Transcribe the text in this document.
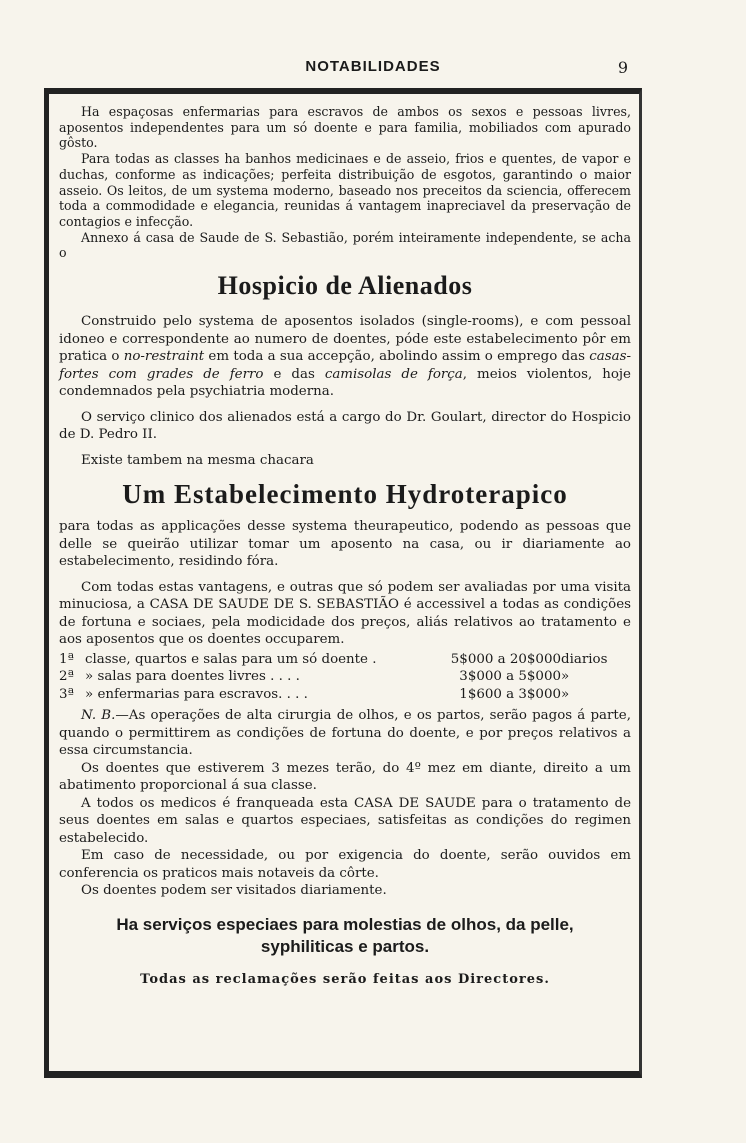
NOTABILIDADES	9

Ha espaçosas enfermarias para escravos de ambos os sexos e pessoas livres, aposentos independentes para um só doente e para familia, mobiliados com apurado gôsto.

Para todas as classes ha banhos medicinaes e de asseio, frios e quentes, de vapor e duchas, conforme as indicações; perfeita distribuição de esgotos, garantindo o maior asseio. Os leitos, de um systema moderno, baseado nos preceitos da sciencia, offerecem toda a commodidade e elegancia, reunidas á vantagem inapreciavel da preservação de contagios e infecção.

Annexo á casa de Saude de S. Sebastião, porém inteiramente independente, se acha o

Hospicio de Alienados

Construido pelo systema de aposentos isolados (single-rooms), e com pessoal idoneo e correspondente ao numero de doentes, póde este estabelecimento pôr em pratica o no-restraint em toda a sua accepção, abolindo assim o emprego das casas-fortes com grades de ferro e das camisolas de força, meios violentos, hoje condemnados pela psychiatria moderna.

O serviço clinico dos alienados está a cargo do Dr. Goulart, director do Hospicio de D. Pedro II.

Existe tambem na mesma chacara

Um Estabelecimento Hydroterapico

para todas as applicações desse systema theurapeutico, podendo as pessoas que delle se queirão utilizar tomar um aposento na casa, ou ir diariamente ao estabelecimento, residindo fóra.

Com todas estas vantagens, e outras que só podem ser avaliadas por uma visita minuciosa, a CASA DE SAUDE DE S. SEBASTIÃO é accessivel a todas as condições de fortuna e sociaes, pela modicidade dos preços, aliás relativos ao tratamento e aos aposentos que os doentes occuparem.

1ª	classe, quartos e salas para um só doente .	5$000 a 20$000	diarios
2ª	» salas para doentes livres . . . .	3$000 a 5$000	»
3ª	» enfermarias para escravos. . . .	1$600 a 3$000	»

N. B.—As operações de alta cirurgia de olhos, e os partos, serão pagos á parte, quando o permittirem as condições de fortuna do doente, e por preços relativos a essa circumstancia.

Os doentes que estiverem 3 mezes terão, do 4º mez em diante, direito a um abatimento proporcional á sua classe.

A todos os medicos é franqueada esta CASA DE SAUDE para o tratamento de seus doentes em salas e quartos especiaes, satisfeitas as condições do regimen estabelecido.

Em caso de necessidade, ou por exigencia do doente, serão ouvidos em conferencia os praticos mais notaveis da côrte.

Os doentes podem ser visitados diariamente.

Ha serviços especiaes para molestias de olhos, da pelle,
syphiliticas e partos.
Todas as reclamações serão feitas aos Directores.
